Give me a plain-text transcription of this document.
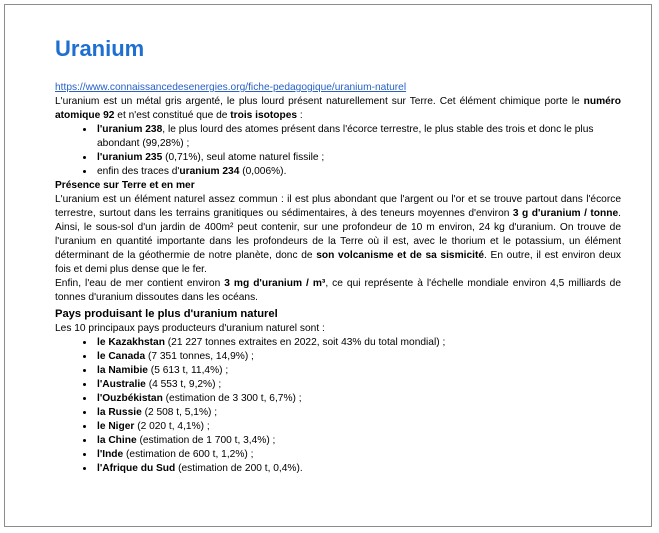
Uranium
https://www.connaissancedesenergies.org/fiche-pedagogique/uranium-naturel

L'uranium est un métal gris argenté, le plus lourd présent naturellement sur Terre. Cet élément chimique porte le numéro atomique 92 et n'est constitué que de trois isotopes :

• l'uranium 238, le plus lourd des atomes présent dans l'écorce terrestre, le plus stable des trois et donc le plus abondant (99,28%) ;
• l'uranium 235 (0,71%), seul atome naturel fissile ;
• enfin des traces d'uranium 234 (0,006%).
Présence sur Terre et en mer

L'uranium est un élément naturel assez commun : il est plus abondant que l'argent ou l'or et se trouve partout dans l'écorce terrestre, surtout dans les terrains granitiques ou sédimentaires, à des teneurs moyennes d'environ 3 g d'uranium / tonne. Ainsi, le sous-sol d'un jardin de 400m² peut contenir, sur une profondeur de 10 m environ, 24 kg d'uranium. On trouve de l'uranium en quantité importante dans les profondeurs de la Terre où il est, avec le thorium et le potassium, un élément déterminant de la géothermie de notre planète, donc de son volcanisme et de sa sismicité. En outre, il est environ deux fois et demi plus dense que le fer.

Enfin, l'eau de mer contient environ 3 mg d'uranium / m³, ce qui représente à l'échelle mondiale environ 4,5 milliards de tonnes d'uranium dissoutes dans les océans.

Pays produisant le plus d'uranium naturel

Les 10 principaux pays producteurs d'uranium naturel sont :

• le Kazakhstan (21 227 tonnes extraites en 2022, soit 43% du total mondial) ;
• le Canada (7 351 tonnes, 14,9%) ;
• la Namibie (5 613 t, 11,4%) ;
• l'Australie (4 553 t, 9,2%) ;
• l'Ouzbékistan (estimation de 3 300 t, 6,7%) ;
• la Russie (2 508 t, 5,1%) ;
• le Niger (2 020 t, 4,1%) ;
• la Chine (estimation de 1 700 t, 3,4%) ;
• l'Inde (estimation de 600 t, 1,2%) ;
• l'Afrique du Sud (estimation de 200 t, 0,4%).
